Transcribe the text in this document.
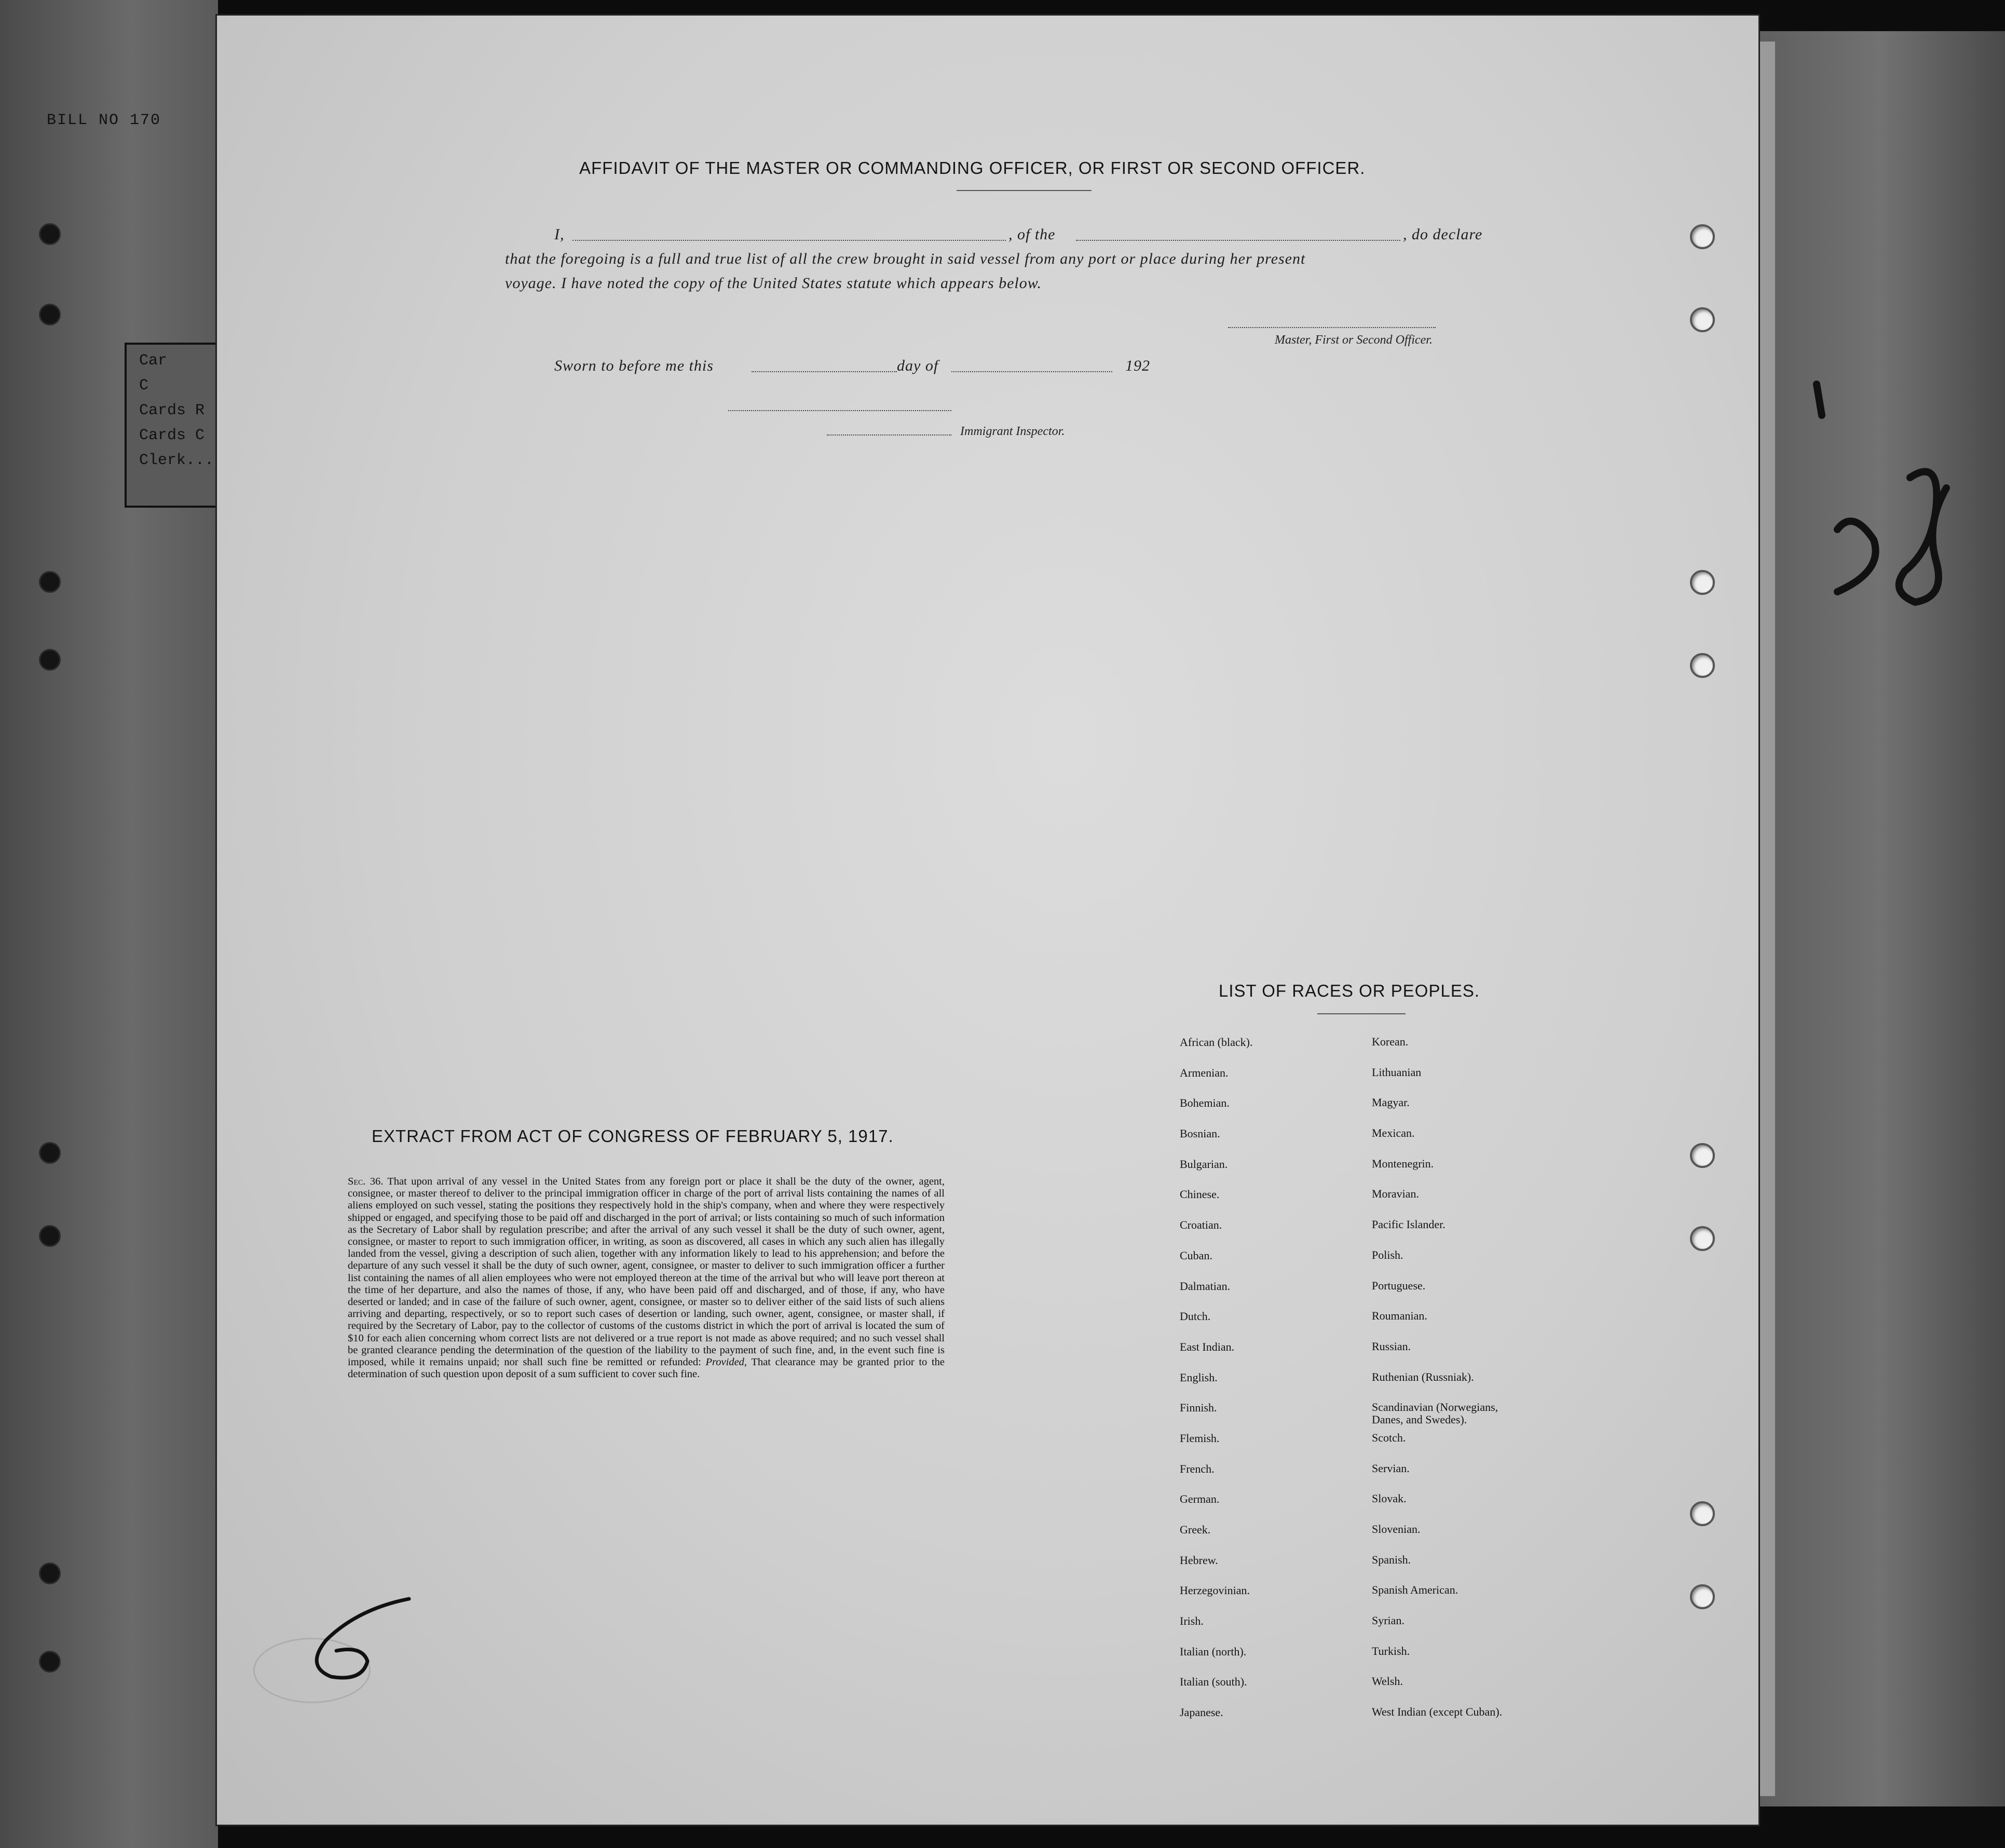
BILL NO 170
Car
C
Cards R
Cards C
Clerk...
AFFIDAVIT OF THE MASTER OR COMMANDING OFFICER, OR FIRST OR SECOND OFFICER.
I,	, of the	, do declare
that the foregoing is a full and true list of all the crew brought in said vessel from any port or place during her present
voyage. I have noted the copy of the United States statute which appears below.
Master, First or Second Officer.
Sworn to before me this	day of	192
Immigrant Inspector.
EXTRACT FROM ACT OF CONGRESS OF FEBRUARY 5, 1917.
Sec. 36. That upon arrival of any vessel in the United States from any foreign port or place it shall be the duty of the owner, agent, consignee, or master thereof to deliver to the principal immigration officer in charge of the port of arrival lists containing the names of all aliens employed on such vessel, stating the positions they respectively hold in the ship's company, when and where they were respectively shipped or engaged, and specifying those to be paid off and discharged in the port of arrival; or lists containing so much of such information as the Secretary of Labor shall by regulation prescribe; and after the arrival of any such vessel it shall be the duty of such owner, agent, consignee, or master to report to such immigration officer, in writing, as soon as discovered, all cases in which any such alien has illegally landed from the vessel, giving a description of such alien, together with any information likely to lead to his apprehension; and before the departure of any such vessel it shall be the duty of such owner, agent, consignee, or master to deliver to such immigration officer a further list containing the names of all alien employees who were not employed thereon at the time of the arrival but who will leave port thereon at the time of her departure, and also the names of those, if any, who have been paid off and discharged, and of those, if any, who have deserted or landed; and in case of the failure of such owner, agent, consignee, or master so to deliver either of the said lists of such aliens arriving and departing, respectively, or so to report such cases of desertion or landing, such owner, agent, consignee, or master shall, if required by the Secretary of Labor, pay to the collector of customs of the customs district in which the port of arrival is located the sum of $10 for each alien concerning whom correct lists are not delivered or a true report is not made as above required; and no such vessel shall be granted clearance pending the determination of the question of the liability to the payment of such fine, and, in the event such fine is imposed, while it remains unpaid; nor shall such fine be remitted or refunded: Provided, That clearance may be granted prior to the determination of such question upon deposit of a sum sufficient to cover such fine.
LIST OF RACES OR PEOPLES.
African (black).	Korean.
Armenian.	Lithuanian
Bohemian.	Magyar.
Bosnian.	Mexican.
Bulgarian.	Montenegrin.
Chinese.	Moravian.
Croatian.	Pacific Islander.
Cuban.	Polish.
Dalmatian.	Portuguese.
Dutch.	Roumanian.
East Indian.	Russian.
English.	Ruthenian (Russniak).
Finnish.	Scandinavian (Norwegians,
Danes, and Swedes).
Flemish.	Scotch.
French.	Servian.
German.	Slovak.
Greek.	Slovenian.
Hebrew.	Spanish.
Herzegovinian.	Spanish American.
Irish.	Syrian.
Italian (north).	Turkish.
Italian (south).	Welsh.
Japanese.	West Indian (except Cuban).
